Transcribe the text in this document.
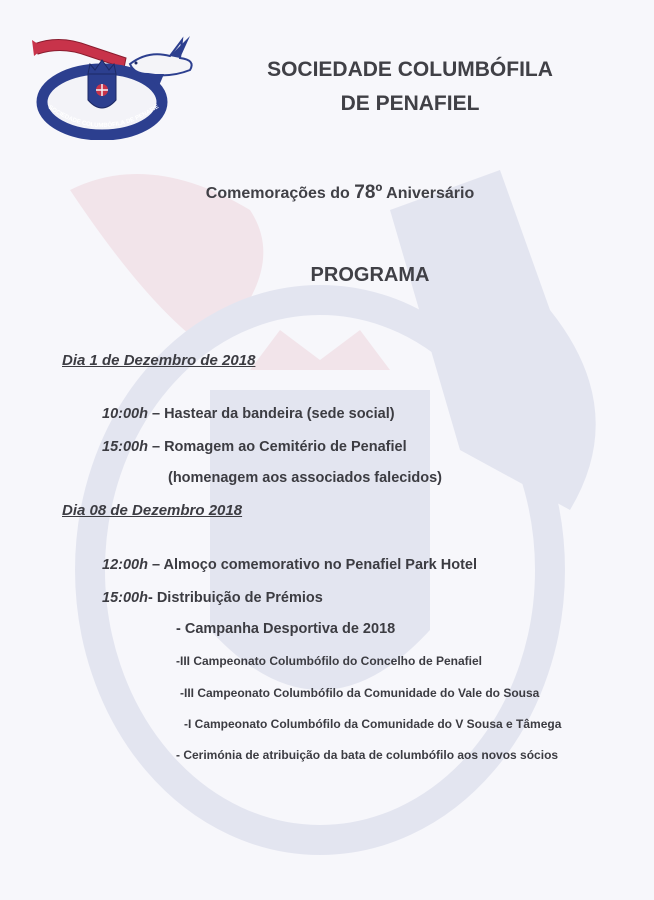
SOCIEDADE COLUMBÓFILA DE PENAFIE
SOCIEDADE COLUMBÓFILA
DE PENAFIEL
Comemorações do 78º Aniversário
PROGRAMA
Dia 1 de Dezembro de 2018
10:00h – Hastear da bandeira (sede social)
15:00h – Romagem ao Cemitério de Penafiel
(homenagem aos associados falecidos)
Dia 08 de Dezembro 2018
12:00h – Almoço comemorativo no Penafiel Park Hotel
15:00h- Distribuição de Prémios
- Campanha Desportiva de 2018
-III Campeonato Columbófilo do Concelho de Penafiel
-III Campeonato Columbófilo da Comunidade do Vale do Sousa
-I Campeonato Columbófilo da Comunidade do V Sousa e Tâmega
- Cerimónia de atribuição da bata de columbófilo aos novos sócios
